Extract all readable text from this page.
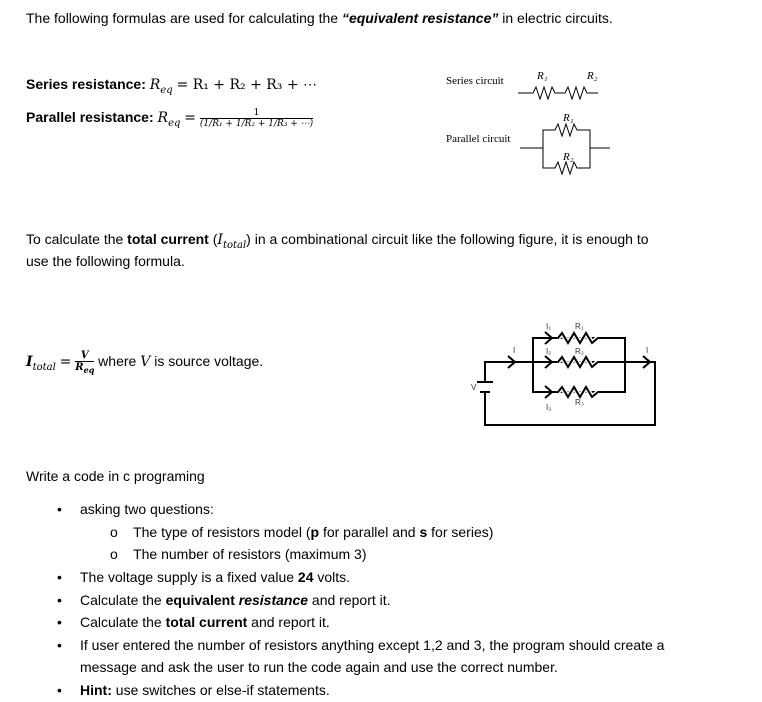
The following formulas are used for calculating the “equivalent resistance” in electric circuits.
Series resistance: $R_{eq} = R_1 + R_2 + R_3$ + ⋯
Parallel resistance: $R_{eq} = \frac{1}{\text{(1/R₁ + 1/R₂ + 1/R₃ + ⋯)}}$
Series circuit
Parallel circuit
R₁	R₂
R₁
R₂
To calculate the total current $(I_{total})$ in a combinational circuit like the following figure, it is enough to
use the following formula.
$I_{total} = \frac{V}{R_{eq}}$ where V is source voltage.
I₁	R₁
I₂	R₂
I₃
R₃
I	I
V
Write a code in c programing
• asking two questions:
o    The type of resistors model (p for parallel and s for series)
o    The number of resistors (maximum 3)
• The voltage supply is a fixed value 24 volts.
• Calculate the equivalent resistance and report it.
• Calculate the total current and report it.
• If user entered the number of resistors anything except 1,2 and 3, the program should create a
message and ask the user to run the code again and use the correct number.
• Hint: use switches or else-if statements.
